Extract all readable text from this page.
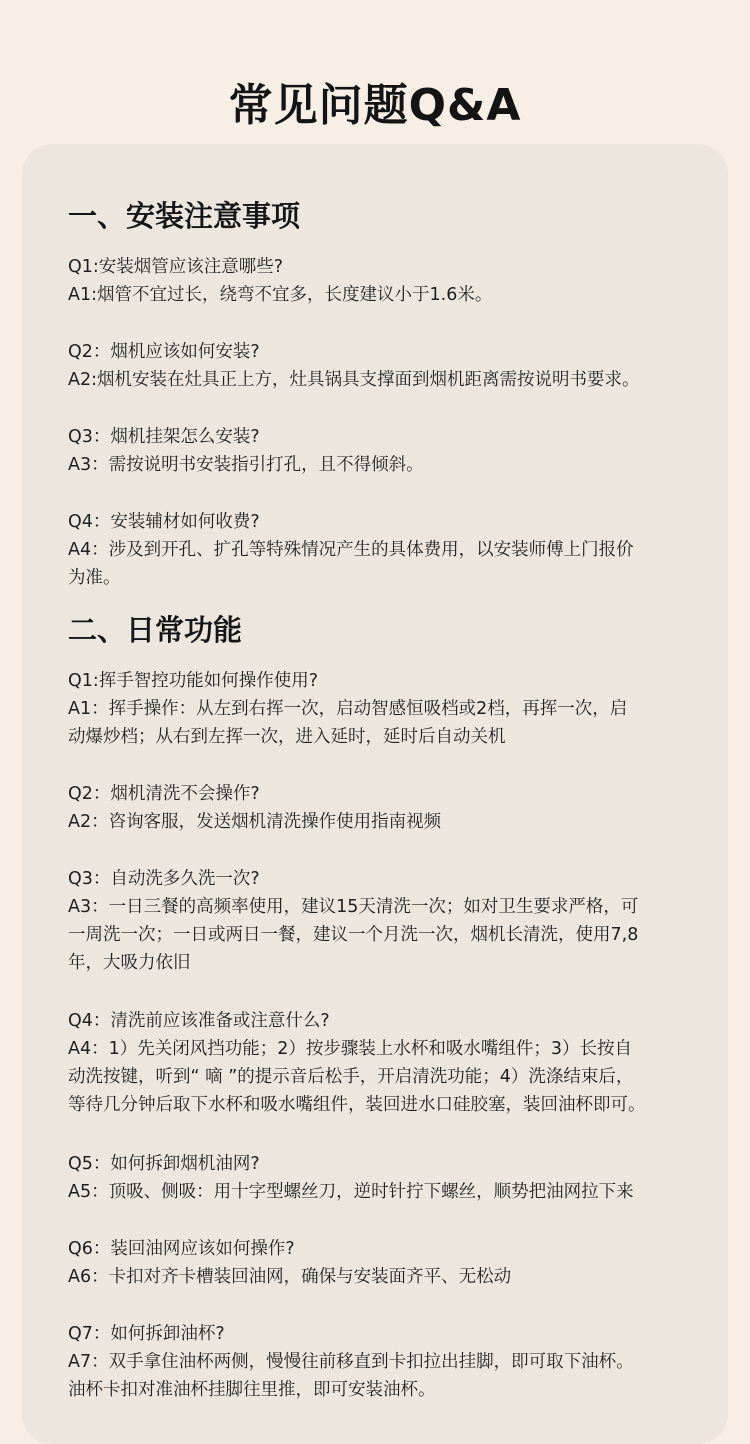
常见问题Q&A
一、安装注意事项
Q1:安装烟管应该注意哪些?
A1:烟管不宜过长，绕弯不宜多，长度建议小于1.6米。
Q2：烟机应该如何安装?
A2:烟机安装在灶具正上方，灶具锅具支撑面到烟机距离需按说明书要求。
Q3：烟机挂架怎么安装?
A3：需按说明书安装指引打孔，且不得倾斜。
Q4：安装辅材如何收费?
A4：涉及到开孔、扩孔等特殊情况产生的具体费用，以安装师傅上门报价
为准。
二、日常功能
Q1:挥手智控功能如何操作使用?
A1：挥手操作：从左到右挥一次，启动智感恒吸档或2档，再挥一次，启
动爆炒档；从右到左挥一次，进入延时，延时后自动关机
Q2：烟机清洗不会操作?
A2：咨询客服，发送烟机清洗操作使用指南视频
Q3：自动洗多久洗一次?
A3：一日三餐的高频率使用，建议15天清洗一次；如对卫生要求严格，可
一周洗一次；一日或两日一餐，建议一个月洗一次，烟机长清洗，使用7,8
年，大吸力依旧
Q4：清洗前应该准备或注意什么?
A4：1）先关闭风挡功能；2）按步骤装上水杯和吸水嘴组件；3）长按自
动洗按键，听到“ 嘀 ”的提示音后松手，开启清洗功能；4）洗涤结束后，
等待几分钟后取下水杯和吸水嘴组件，装回进水口硅胶塞，装回油杯即可。
Q5：如何拆卸烟机油网?
A5：顶吸、侧吸：用十字型螺丝刀，逆时针拧下螺丝，顺势把油网拉下来
Q6：装回油网应该如何操作?
A6：卡扣对齐卡槽装回油网，确保与安装面齐平、无松动
Q7：如何拆卸油杯?
A7：双手拿住油杯两侧，慢慢往前移直到卡扣拉出挂脚，即可取下油杯。
油杯卡扣对准油杯挂脚往里推，即可安装油杯。
